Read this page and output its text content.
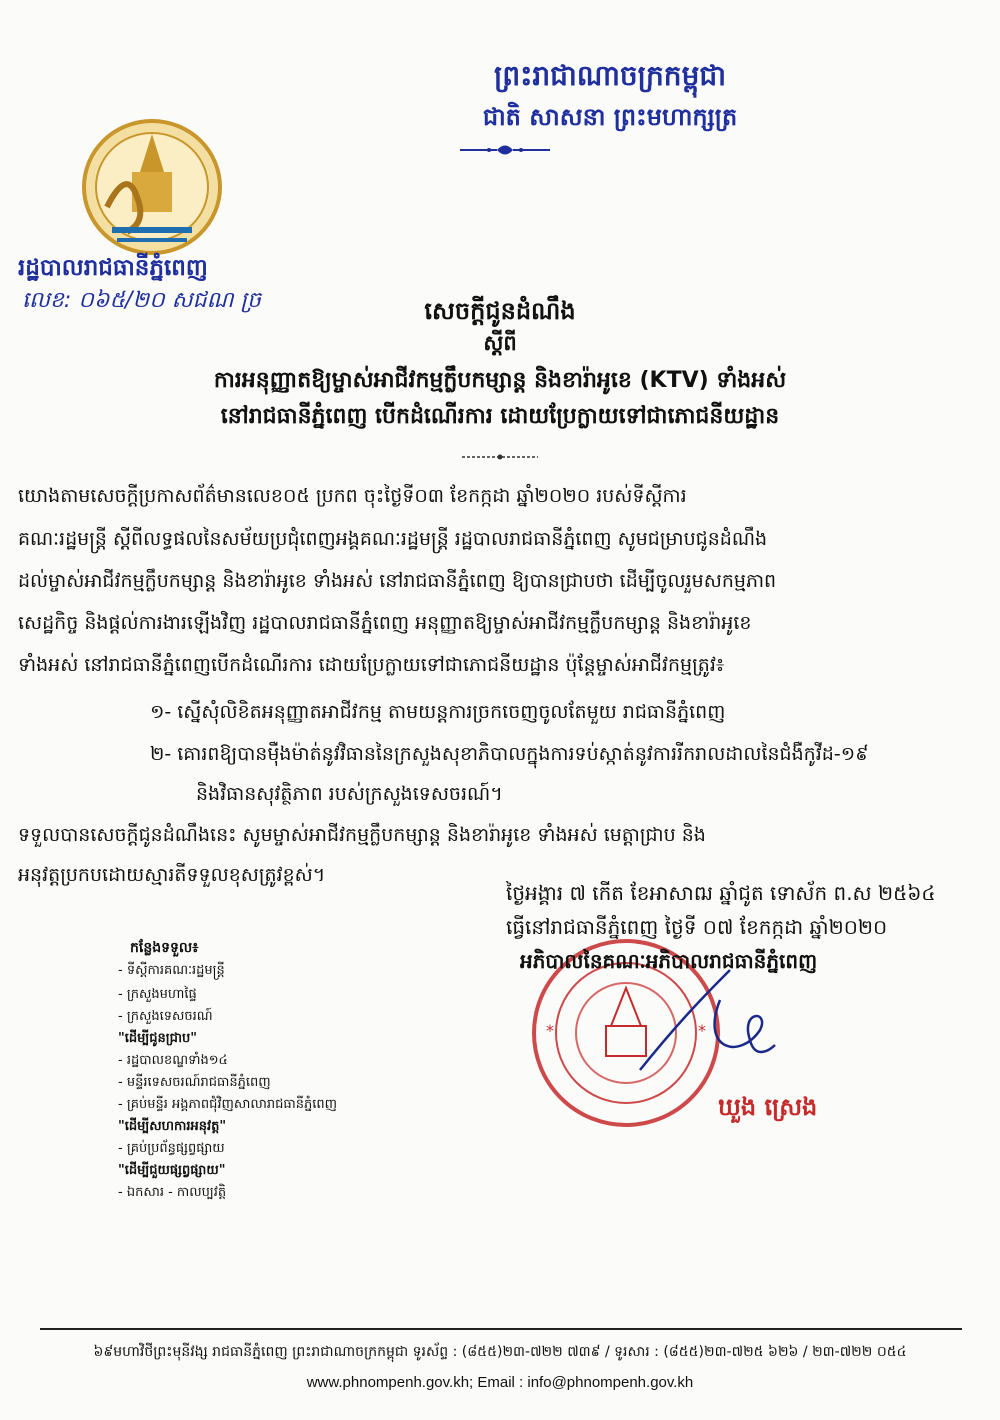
ព្រះរាជាណាចក្រកម្ពុជា
ជាតិ សាសនា ព្រះមហាក្សត្រ
រដ្ឋបាលរាជធានីភ្នំពេញ
លេខ: ០៦៥/២០ សជណ ច្រ	សេចក្តីជូនដំណឹង
ស្តីពី
ការអនុញ្ញាតឱ្យម្ចាស់អាជីវកម្មក្លឹបកម្សាន្ត និងខារ៉ាអូខេ (KTV) ទាំងអស់
នៅរាជធានីភ្នំពេញ បើកដំណើរការ ដោយប្រែក្លាយទៅជាភោជនីយដ្ឋាន
យោងតាមសេចក្តីប្រកាសព័ត៌មានលេខ០៥ ប្រកព ចុះថ្ងៃទី០៣ ខែកក្កដា ឆ្នាំ២០២០ របស់ទីស្តីការ
គណៈរដ្ឋមន្ត្រី ស្តីពីលទ្ធផលនៃសម័យប្រជុំពេញអង្គគណៈរដ្ឋមន្ត្រី រដ្ឋបាលរាជធានីភ្នំពេញ សូមជម្រាបជូនដំណឹង
ដល់ម្ចាស់អាជីវកម្មក្លឹបកម្សាន្ត និងខារ៉ាអូខេ ទាំងអស់ នៅរាជធានីភ្នំពេញ ឱ្យបានជ្រាបថា ដើម្បីចូលរួមសកម្មភាព
សេដ្ឋកិច្ច និងផ្តល់ការងារឡើងវិញ រដ្ឋបាលរាជធានីភ្នំពេញ អនុញ្ញាតឱ្យម្ចាស់អាជីវកម្មក្លឹបកម្សាន្ត និងខារ៉ាអូខេ
ទាំងអស់ នៅរាជធានីភ្នំពេញបើកដំណើរការ ដោយប្រែក្លាយទៅជាភោជនីយដ្ឋាន ប៉ុន្តែម្ចាស់អាជីវកម្មត្រូវ៖
១- ស្នើសុំលិខិតអនុញ្ញាតអាជីវកម្ម តាមយន្តការច្រកចេញចូលតែមួយ រាជធានីភ្នំពេញ
២- គោរពឱ្យបានម៉ឺងម៉ាត់នូវវិធាននៃក្រសួងសុខាភិបាលក្នុងការទប់ស្កាត់នូវការរីករាលដាលនៃជំងឺកូវីដ-១៩
និងវិធានសុវត្ថិភាព របស់ក្រសួងទេសចរណ៍។
ទទួលបានសេចក្តីជូនដំណឹងនេះ សូមម្ចាស់អាជីវកម្មក្លឹបកម្សាន្ត និងខារ៉ាអូខេ ទាំងអស់ មេត្តាជ្រាប និង
អនុវត្តប្រកបដោយស្មារតីទទួលខុសត្រូវខ្ពស់។
ថ្ងៃអង្គារ ៧ កើត ខែអាសាឍ ឆ្នាំជូត ទោស័ក ព.ស ២៥៦៤
ធ្វើនៅរាជធានីភ្នំពេញ ថ្ងៃទី ០៧ ខែកក្កដា ឆ្នាំ២០២០
*	*
អភិបាលនៃគណៈអភិបាលរាជធានីភ្នំពេញ
ឃួង ស្រេង
កន្លែងទទួល៖
- ទីស្តីការគណៈរដ្ឋមន្ត្រី
- ក្រសួងមហាផ្ទៃ
- ក្រសួងទេសចរណ៍
"ដើម្បីជូនជ្រាប"
- រដ្ឋបាលខណ្ឌទាំង១៤
- មន្ទីរទេសចរណ៍រាជធានីភ្នំពេញ
- គ្រប់មន្ទីរ អង្គភាពជុំវិញសាលារាជធានីភ្នំពេញ
"ដើម្បីសហការអនុវត្ត"
- គ្រប់ប្រព័ន្ធផ្សព្វផ្សាយ
"ដើម្បីជួយផ្សព្វផ្សាយ"
- ឯកសារ - កាលប្បវត្តិ
៦៩មហាវិថីព្រះមុនីវង្ស រាជធានីភ្នំពេញ ព្រះរាជាណាចក្រកម្ពុជា ទូរស័ព្ទ : (៨៥៥)២៣-៧២២ ៧៣៩ / ទូរសារ : (៨៥៥)២៣-៧២៥ ៦២៦ / ២៣-៧២២ ០៥៤
www.phnompenh.gov.kh; Email : info@phnompenh.gov.kh
